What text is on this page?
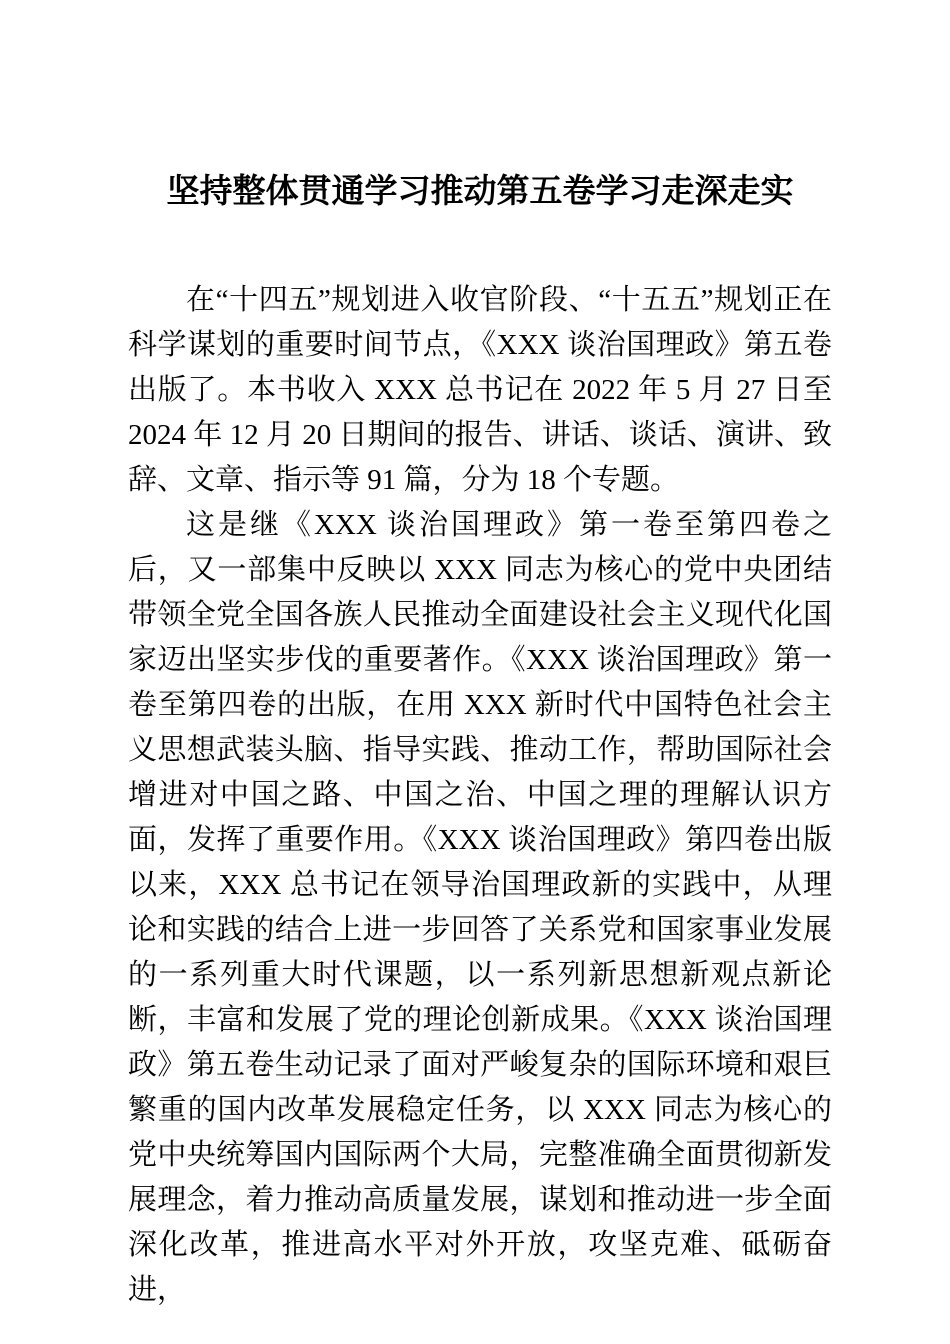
坚持整体贯通学习推动第五卷学习走深走实

在“十四五”规划进入收官阶段、“十五五”规划正在科学谋划的重要时间节点，《XXX 谈治国理政》第五卷出版了。本书收入 XXX 总书记在 2022 年 5 月 27 日至 2024 年 12 月 20 日期间的报告、讲话、谈话、演讲、致辞、文章、指示等 91 篇，分为 18 个专题。

这是继《XXX 谈治国理政》第一卷至第四卷之后，又一部集中反映以 XXX 同志为核心的党中央团结带领全党全国各族人民推动全面建设社会主义现代化国家迈出坚实步伐的重要著作。《XXX 谈治国理政》第一卷至第四卷的出版，在用 XXX 新时代中国特色社会主义思想武装头脑、指导实践、推动工作，帮助国际社会增进对中国之路、中国之治、中国之理的理解认识方面，发挥了重要作用。《XXX 谈治国理政》第四卷出版以来，XXX 总书记在领导治国理政新的实践中，从理论和实践的结合上进一步回答了关系党和国家事业发展的一系列重大时代课题，以一系列新思想新观点新论断，丰富和发展了党的理论创新成果。《XXX 谈治国理政》第五卷生动记录了面对严峻复杂的国际环境和艰巨繁重的国内改革发展稳定任务，以 XXX 同志为核心的党中央统筹国内国际两个大局，完整准确全面贯彻新发展理念，着力推动高质量发展，谋划和推动进一步全面深化改革，推进高水平对外开放，攻坚克难、砥砺奋进，
